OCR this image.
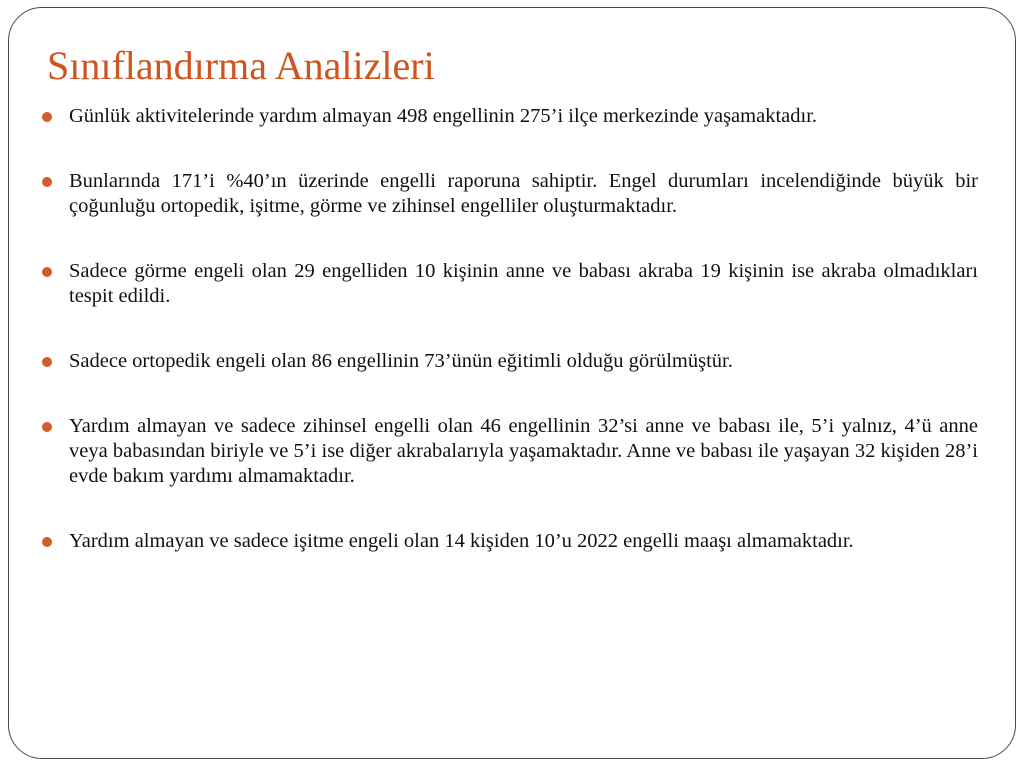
Sınıflandırma Analizleri
Günlük aktivitelerinde yardım almayan 498 engellinin 275’i ilçe merkezinde yaşamaktadır.
Bunlarında 171’i %40’ın üzerinde engelli raporuna sahiptir. Engel durumları incelendiğinde büyük bir çoğunluğu ortopedik, işitme, görme ve zihinsel engelliler oluşturmaktadır.
Sadece görme engeli olan 29 engelliden 10 kişinin anne ve babası akraba 19 kişinin ise akraba olmadıkları tespit edildi.
Sadece ortopedik engeli olan 86 engellinin 73’ünün eğitimli olduğu görülmüştür.
Yardım almayan ve sadece zihinsel engelli olan 46 engellinin 32’si anne ve babası ile, 5’i yalnız, 4’ü anne veya babasından biriyle ve 5’i ise diğer akrabalarıyla yaşamaktadır. Anne ve babası ile yaşayan 32 kişiden 28’i evde bakım yardımı almamaktadır.
Yardım almayan ve sadece işitme engeli olan 14 kişiden 10’u 2022 engelli maaşı almamaktadır.
